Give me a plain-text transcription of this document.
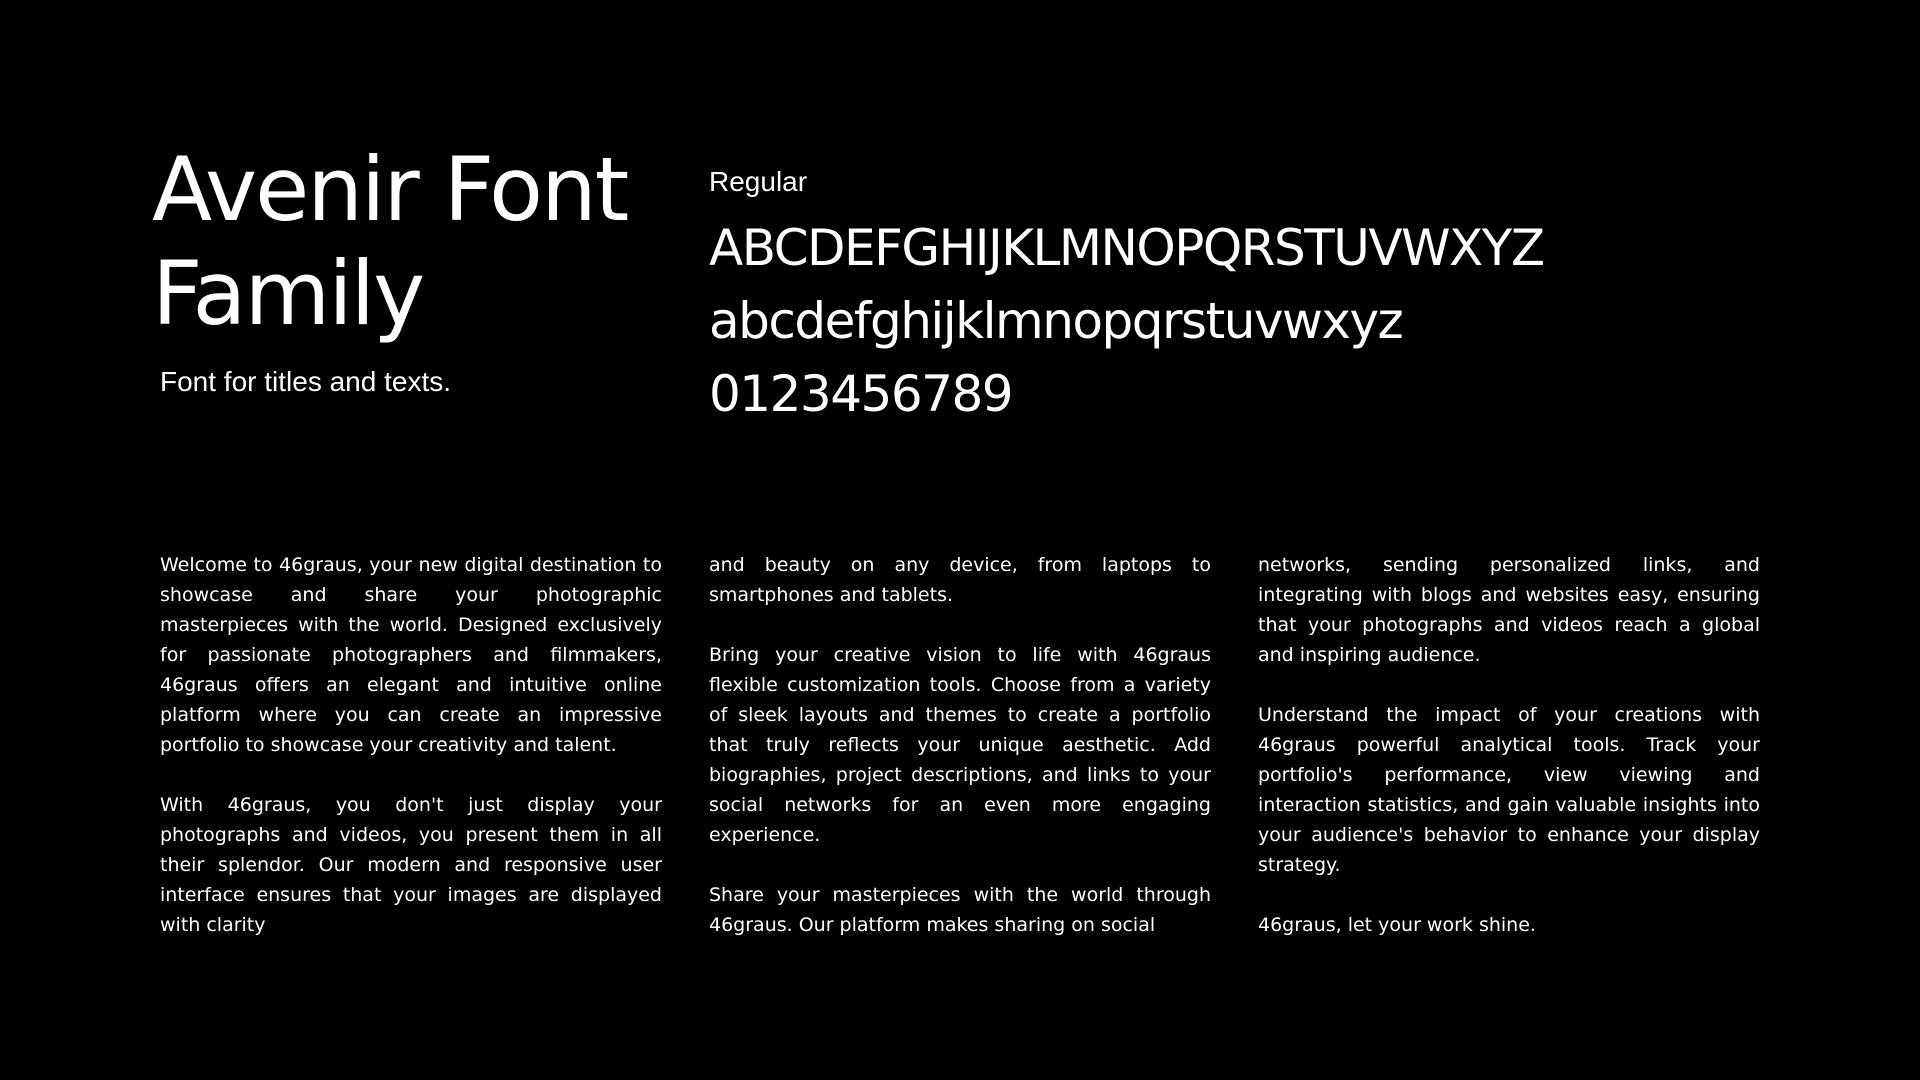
Avenir Font
Family

Font for titles and texts.

Regular
ABCDEFGHIJKLMNOPQRSTUVWXYZ
abcdefghijklmnopqrstuvwxyz
0123456789

Welcome to 46graus, your new digital destination to showcase and share your photographic masterpieces with the world. Designed exclusively for passionate photographers and filmmakers, 46graus offers an elegant and intuitive online platform where you can create an impressive portfolio to showcase your creativity and talent.

With 46graus, you don't just display your photographs and videos, you present them in all their splendor. Our modern and responsive user interface ensures that your images are displayed with clarity

and beauty on any device, from laptops to smartphones and tablets.

Bring your creative vision to life with 46graus flexible customization tools. Choose from a variety of sleek layouts and themes to create a portfolio that truly reflects your unique aesthetic. Add biographies, project descriptions, and links to your social networks for an even more engaging experience.

Share your masterpieces with the world through 46graus. Our platform makes sharing on social

networks, sending personalized links, and integrating with blogs and websites easy, ensuring that your photographs and videos reach a global and inspiring audience.

Understand the impact of your creations with 46graus powerful analytical tools. Track your portfolio's performance, view viewing and interaction statistics, and gain valuable insights into your audience's behavior to enhance your display strategy.

46graus, let your work shine.
